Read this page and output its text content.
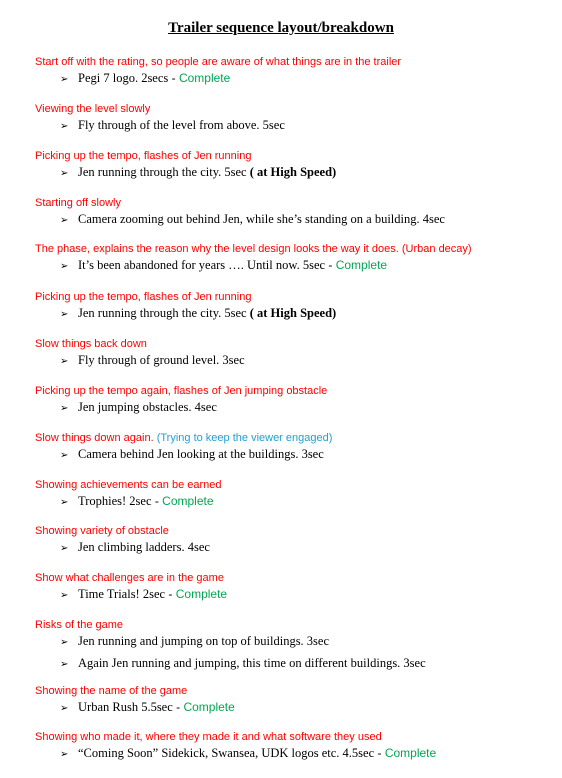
Trailer sequence layout/breakdown
Start off with the rating, so people are aware of what things are in the trailer
➢ Pegi 7 logo. 2secs - Complete
Viewing the level slowly
➢ Fly through of the level from above. 5sec
Picking up the tempo, flashes of Jen running
➢ Jen running through the city. 5sec ( at High Speed)
Starting off slowly
➢ Camera zooming out behind Jen, while she’s standing on a building. 4sec
The phase, explains the reason why the level design looks the way it does. (Urban decay)
➢ It’s been abandoned for years …. Until now. 5sec - Complete
Picking up the tempo, flashes of Jen running
➢ Jen running through the city. 5sec ( at High Speed)
Slow things back down
➢ Fly through of ground level. 3sec
Picking up the tempo again, flashes of Jen jumping obstacle
➢ Jen jumping obstacles. 4sec
Slow things down again. (Trying to keep the viewer engaged)
➢ Camera behind Jen looking at the buildings. 3sec
Showing achievements can be earned
➢ Trophies! 2sec - Complete
Showing variety of obstacle
➢ Jen climbing ladders. 4sec
Show what challenges are in the game
➢ Time Trials! 2sec - Complete
Risks of the game
➢ Jen running and jumping on top of buildings. 3sec
➢ Again Jen running and jumping, this time on different buildings. 3sec
Showing the name of the game
➢ Urban Rush 5.5sec - Complete
Showing who made it, where they made it and what software they used
➢ “Coming Soon” Sidekick, Swansea, UDK logos etc. 4.5sec - Complete
